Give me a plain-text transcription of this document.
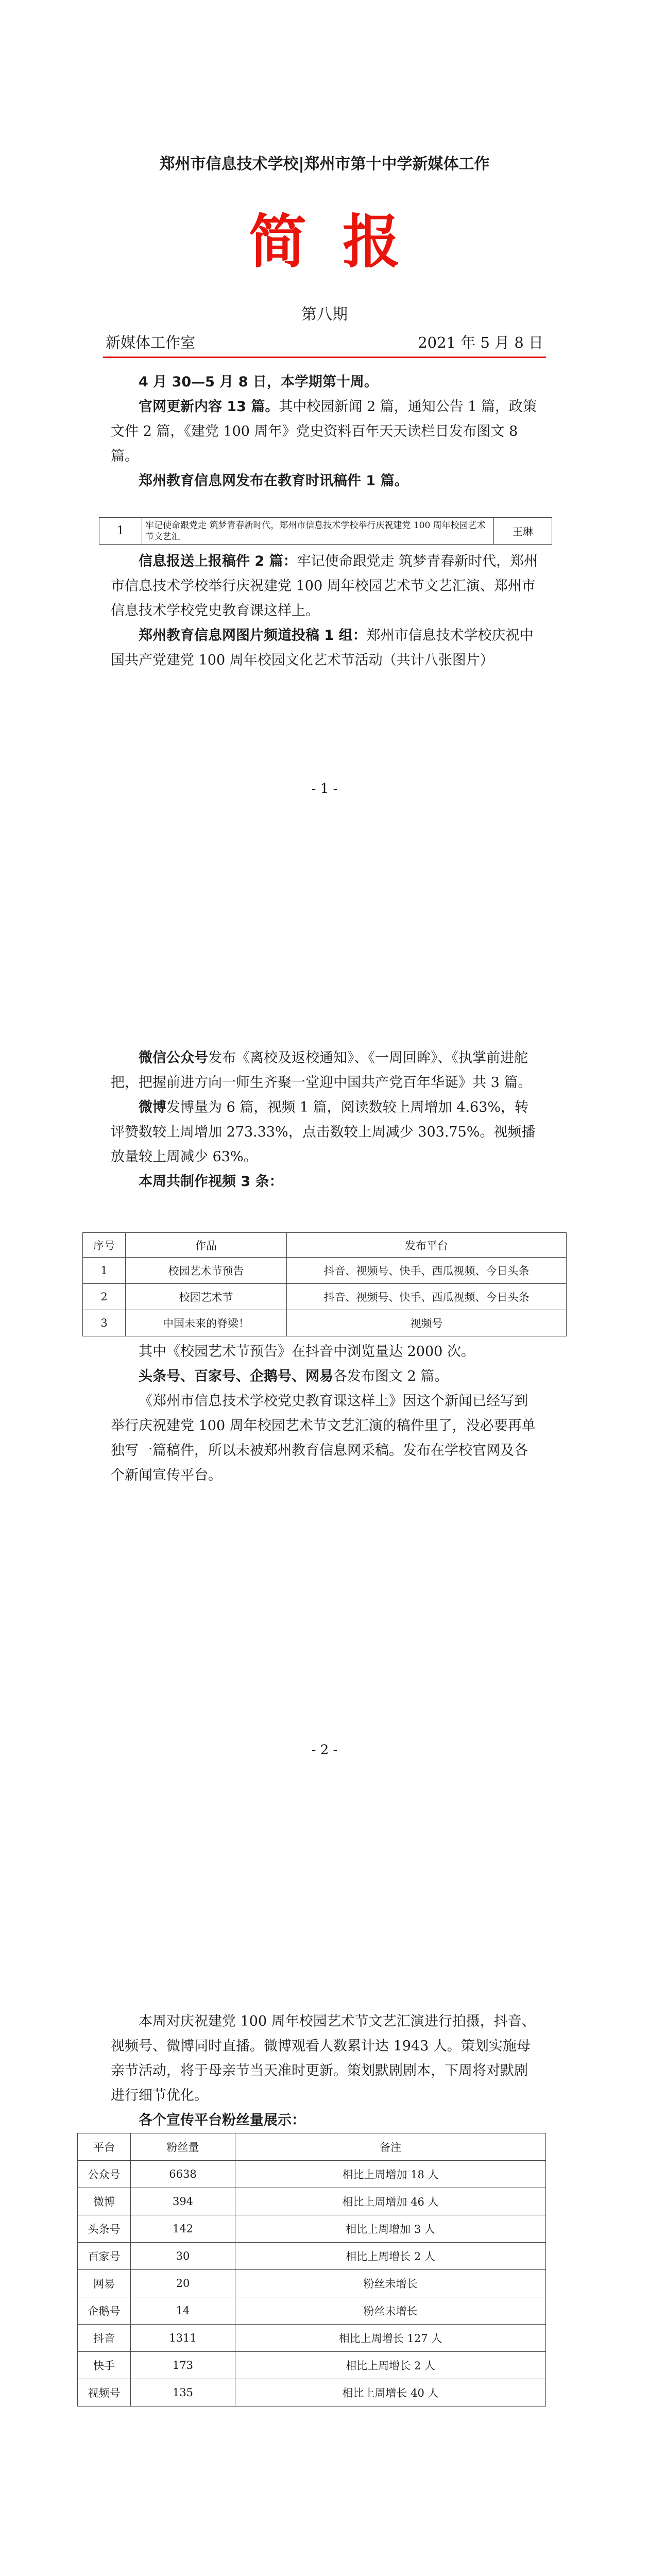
郑州市信息技术学校|郑州市第十中学新媒体工作
简报
第八期
新媒体工作室	2021 年 5 月 8 日

4 月 30—5 月 8 日，本学期第十周。

官网更新内容 13 篇。其中校园新闻 2 篇，通知公告 1 篇，政策文件 2 篇，《建党 100 周年》党史资料百年天天读栏目发布图文 8 篇。

郑州教育信息网发布在教育时讯稿件 1 篇。

1	牢记使命跟党走 筑梦青春新时代，郑州市信息技术学校举行庆祝建党 100 周年校园艺术节文艺汇	王琳

信息报送上报稿件 2 篇：牢记使命跟党走 筑梦青春新时代，郑州市信息技术学校举行庆祝建党 100 周年校园艺术节文艺汇演、郑州市信息技术学校党史教育课这样上。

郑州教育信息网图片频道投稿 1 组：郑州市信息技术学校庆祝中国共产党建党 100 周年校园文化艺术节活动（共计八张图片）

- 1 -

微信公众号发布《离校及返校通知》、《一周回眸》、《执掌前进舵把，把握前进方向一师生齐聚一堂迎中国共产党百年华诞》共 3 篇。

微博发博量为 6 篇，视频 1 篇，阅读数较上周增加 4.63%，转评赞数较上周增加 273.33%，点击数较上周减少 303.75%。视频播放量较上周减少 63%。

本周共制作视频 3 条：

序号	作品	发布平台
1	校园艺术节预告	抖音、视频号、快手、西瓜视频、今日头条
2	校园艺术节	抖音、视频号、快手、西瓜视频、今日头条
3	中国未来的脊梁！	视频号

其中《校园艺术节预告》在抖音中浏览量达 2000 次。

头条号、百家号、企鹅号、网易各发布图文 2 篇。

《郑州市信息技术学校党史教育课这样上》因这个新闻已经写到举行庆祝建党 100 周年校园艺术节文艺汇演的稿件里了，没必要再单独写一篇稿件，所以未被郑州教育信息网采稿。发布在学校官网及各个新闻宣传平台。

- 2 -

本周对庆祝建党 100 周年校园艺术节文艺汇演进行拍摄，抖音、视频号、微博同时直播。微博观看人数累计达 1943 人。策划实施母亲节活动，将于母亲节当天准时更新。策划默剧剧本，下周将对默剧进行细节优化。

各个宣传平台粉丝量展示：

平台	粉丝量	备注
公众号	6638	相比上周增加 18 人
微博	394	相比上周增加 46 人
头条号	142	相比上周增加 3 人
百家号	30	相比上周增长 2 人
网易	20	粉丝未增长
企鹅号	14	粉丝未增长
抖音	1311	相比上周增长 127 人
快手	173	相比上周增长 2 人
视频号	135	相比上周增长 40 人
